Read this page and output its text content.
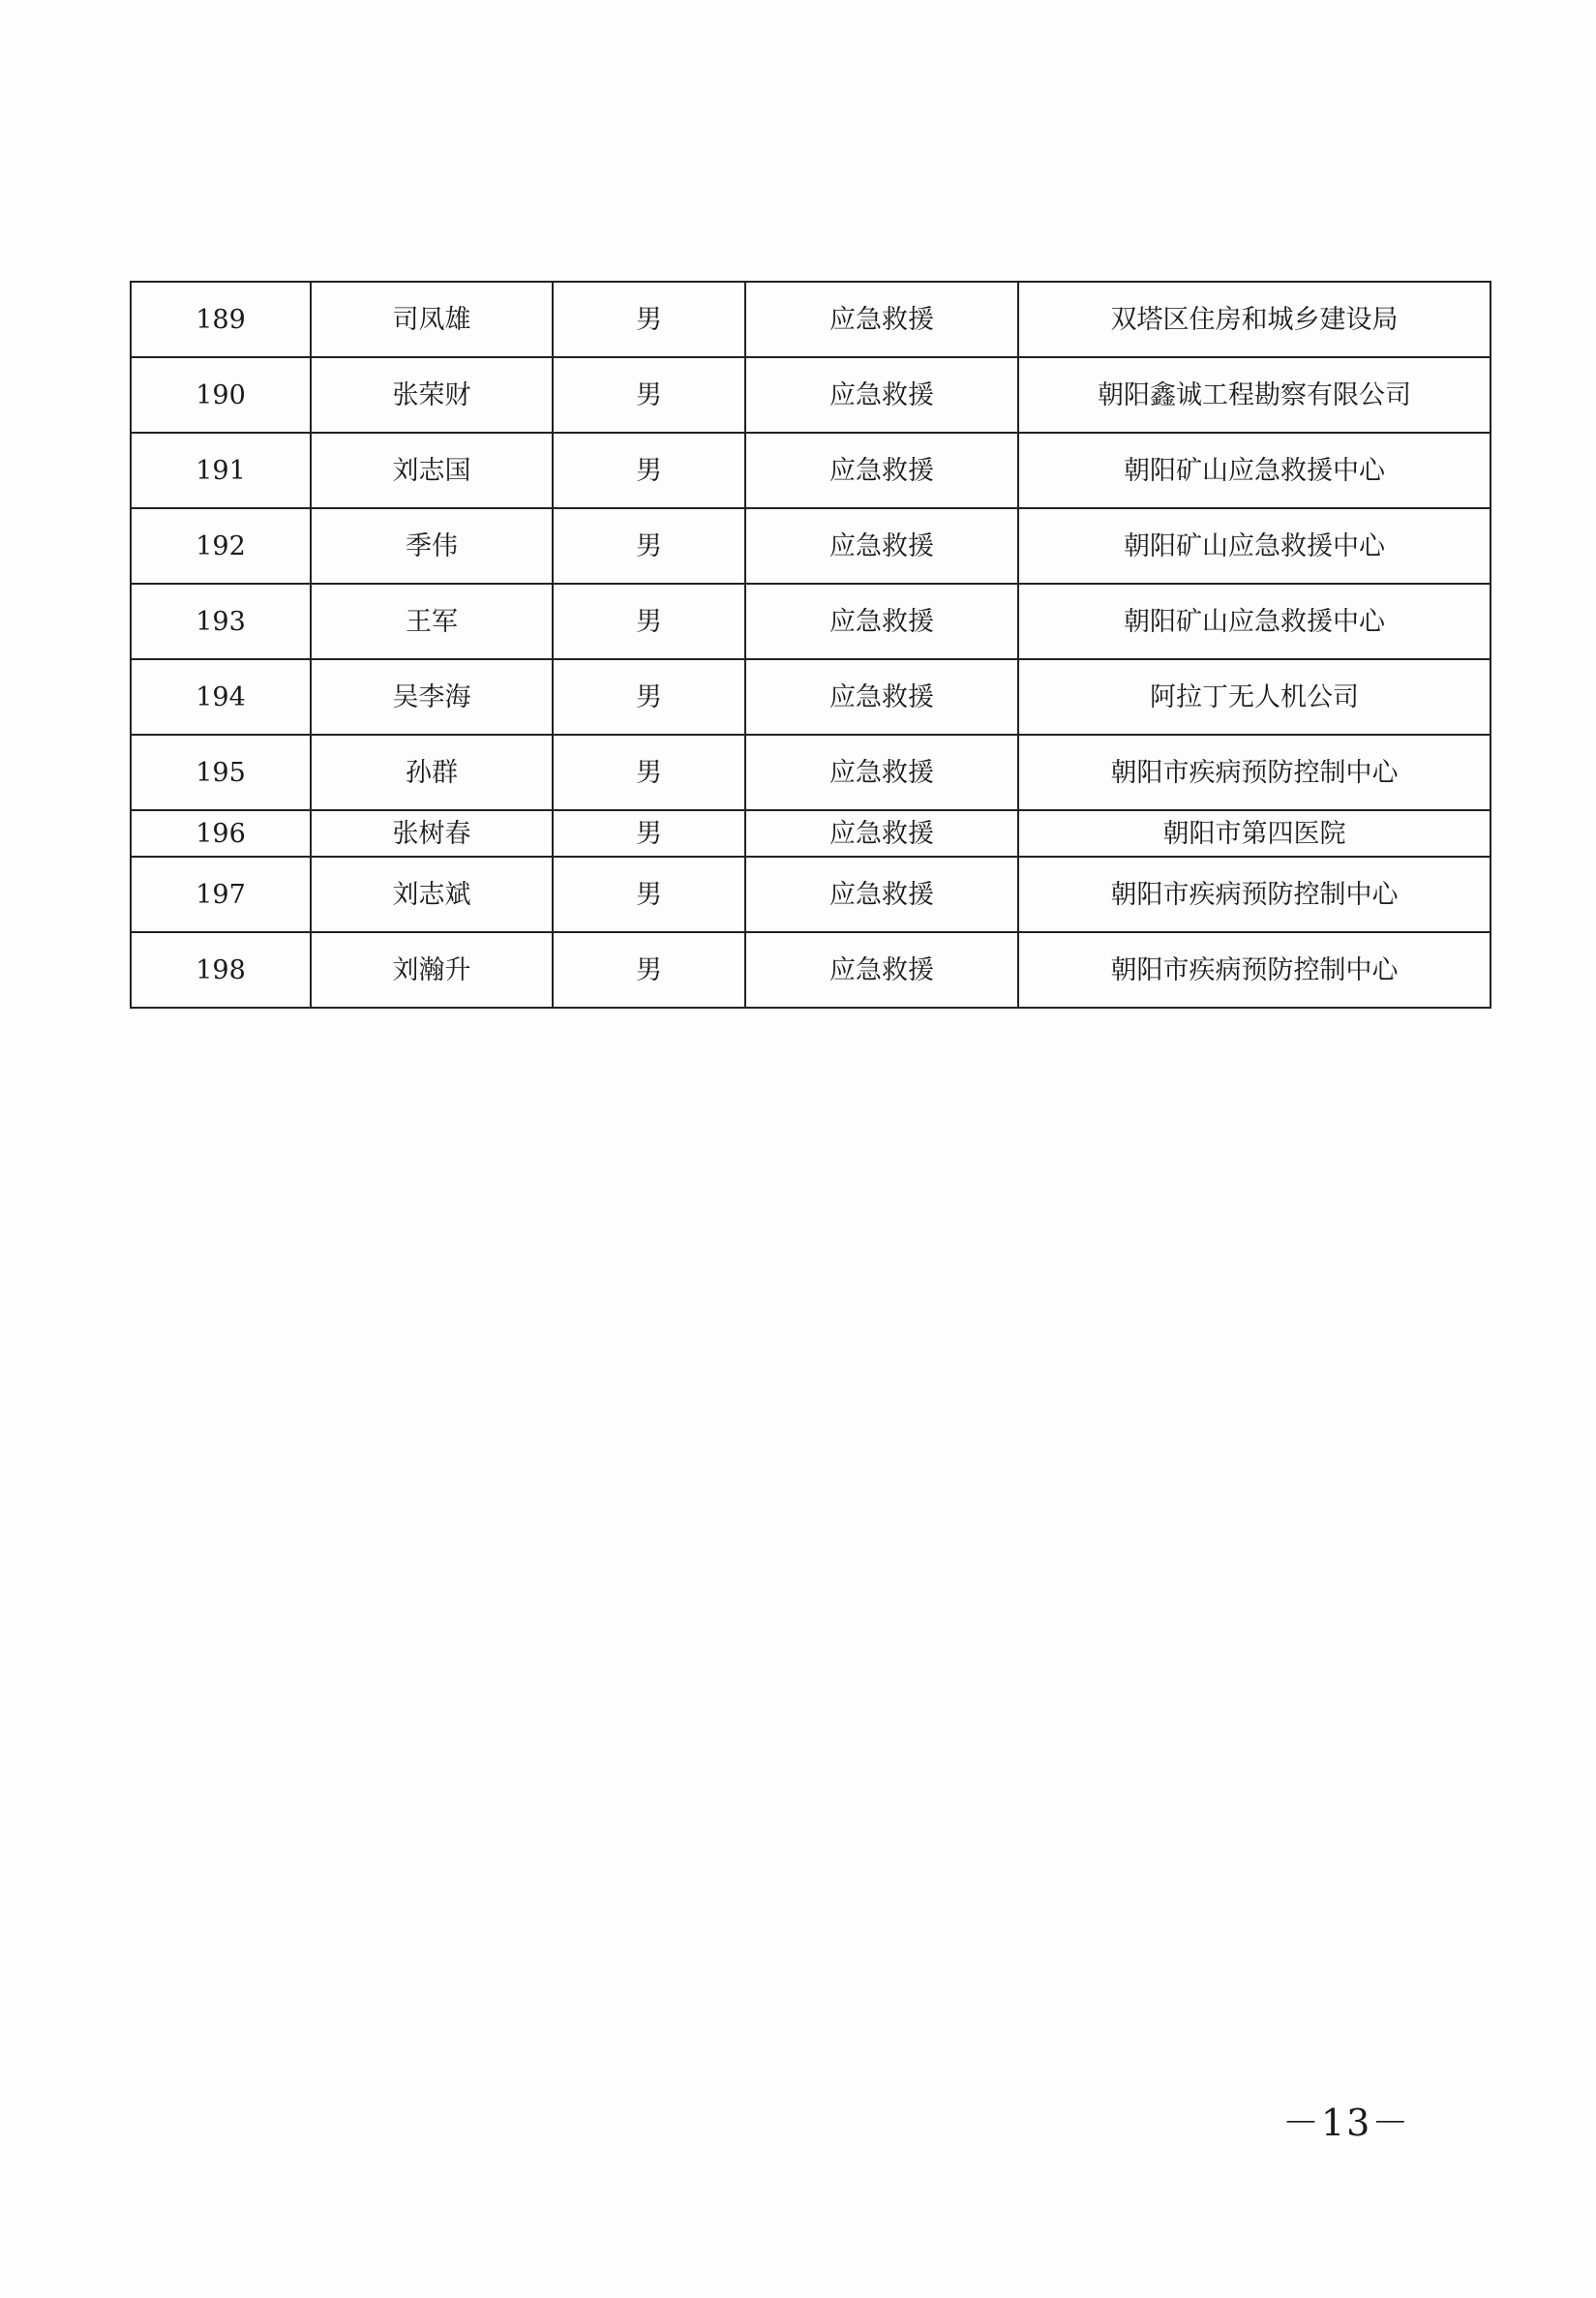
189	司凤雄	男	应急救援	双塔区住房和城乡建设局
190	张荣财	男	应急救援	朝阳鑫诚工程勘察有限公司
191	刘志国	男	应急救援	朝阳矿山应急救援中心
192	季伟	男	应急救援	朝阳矿山应急救援中心
193	王军	男	应急救援	朝阳矿山应急救援中心
194	吴李海	男	应急救援	阿拉丁无人机公司
195	孙群	男	应急救援	朝阳市疾病预防控制中心
196	张树春	男	应急救援	朝阳市第四医院
197	刘志斌	男	应急救援	朝阳市疾病预防控制中心
198	刘瀚升	男	应急救援	朝阳市疾病预防控制中心
－13－
